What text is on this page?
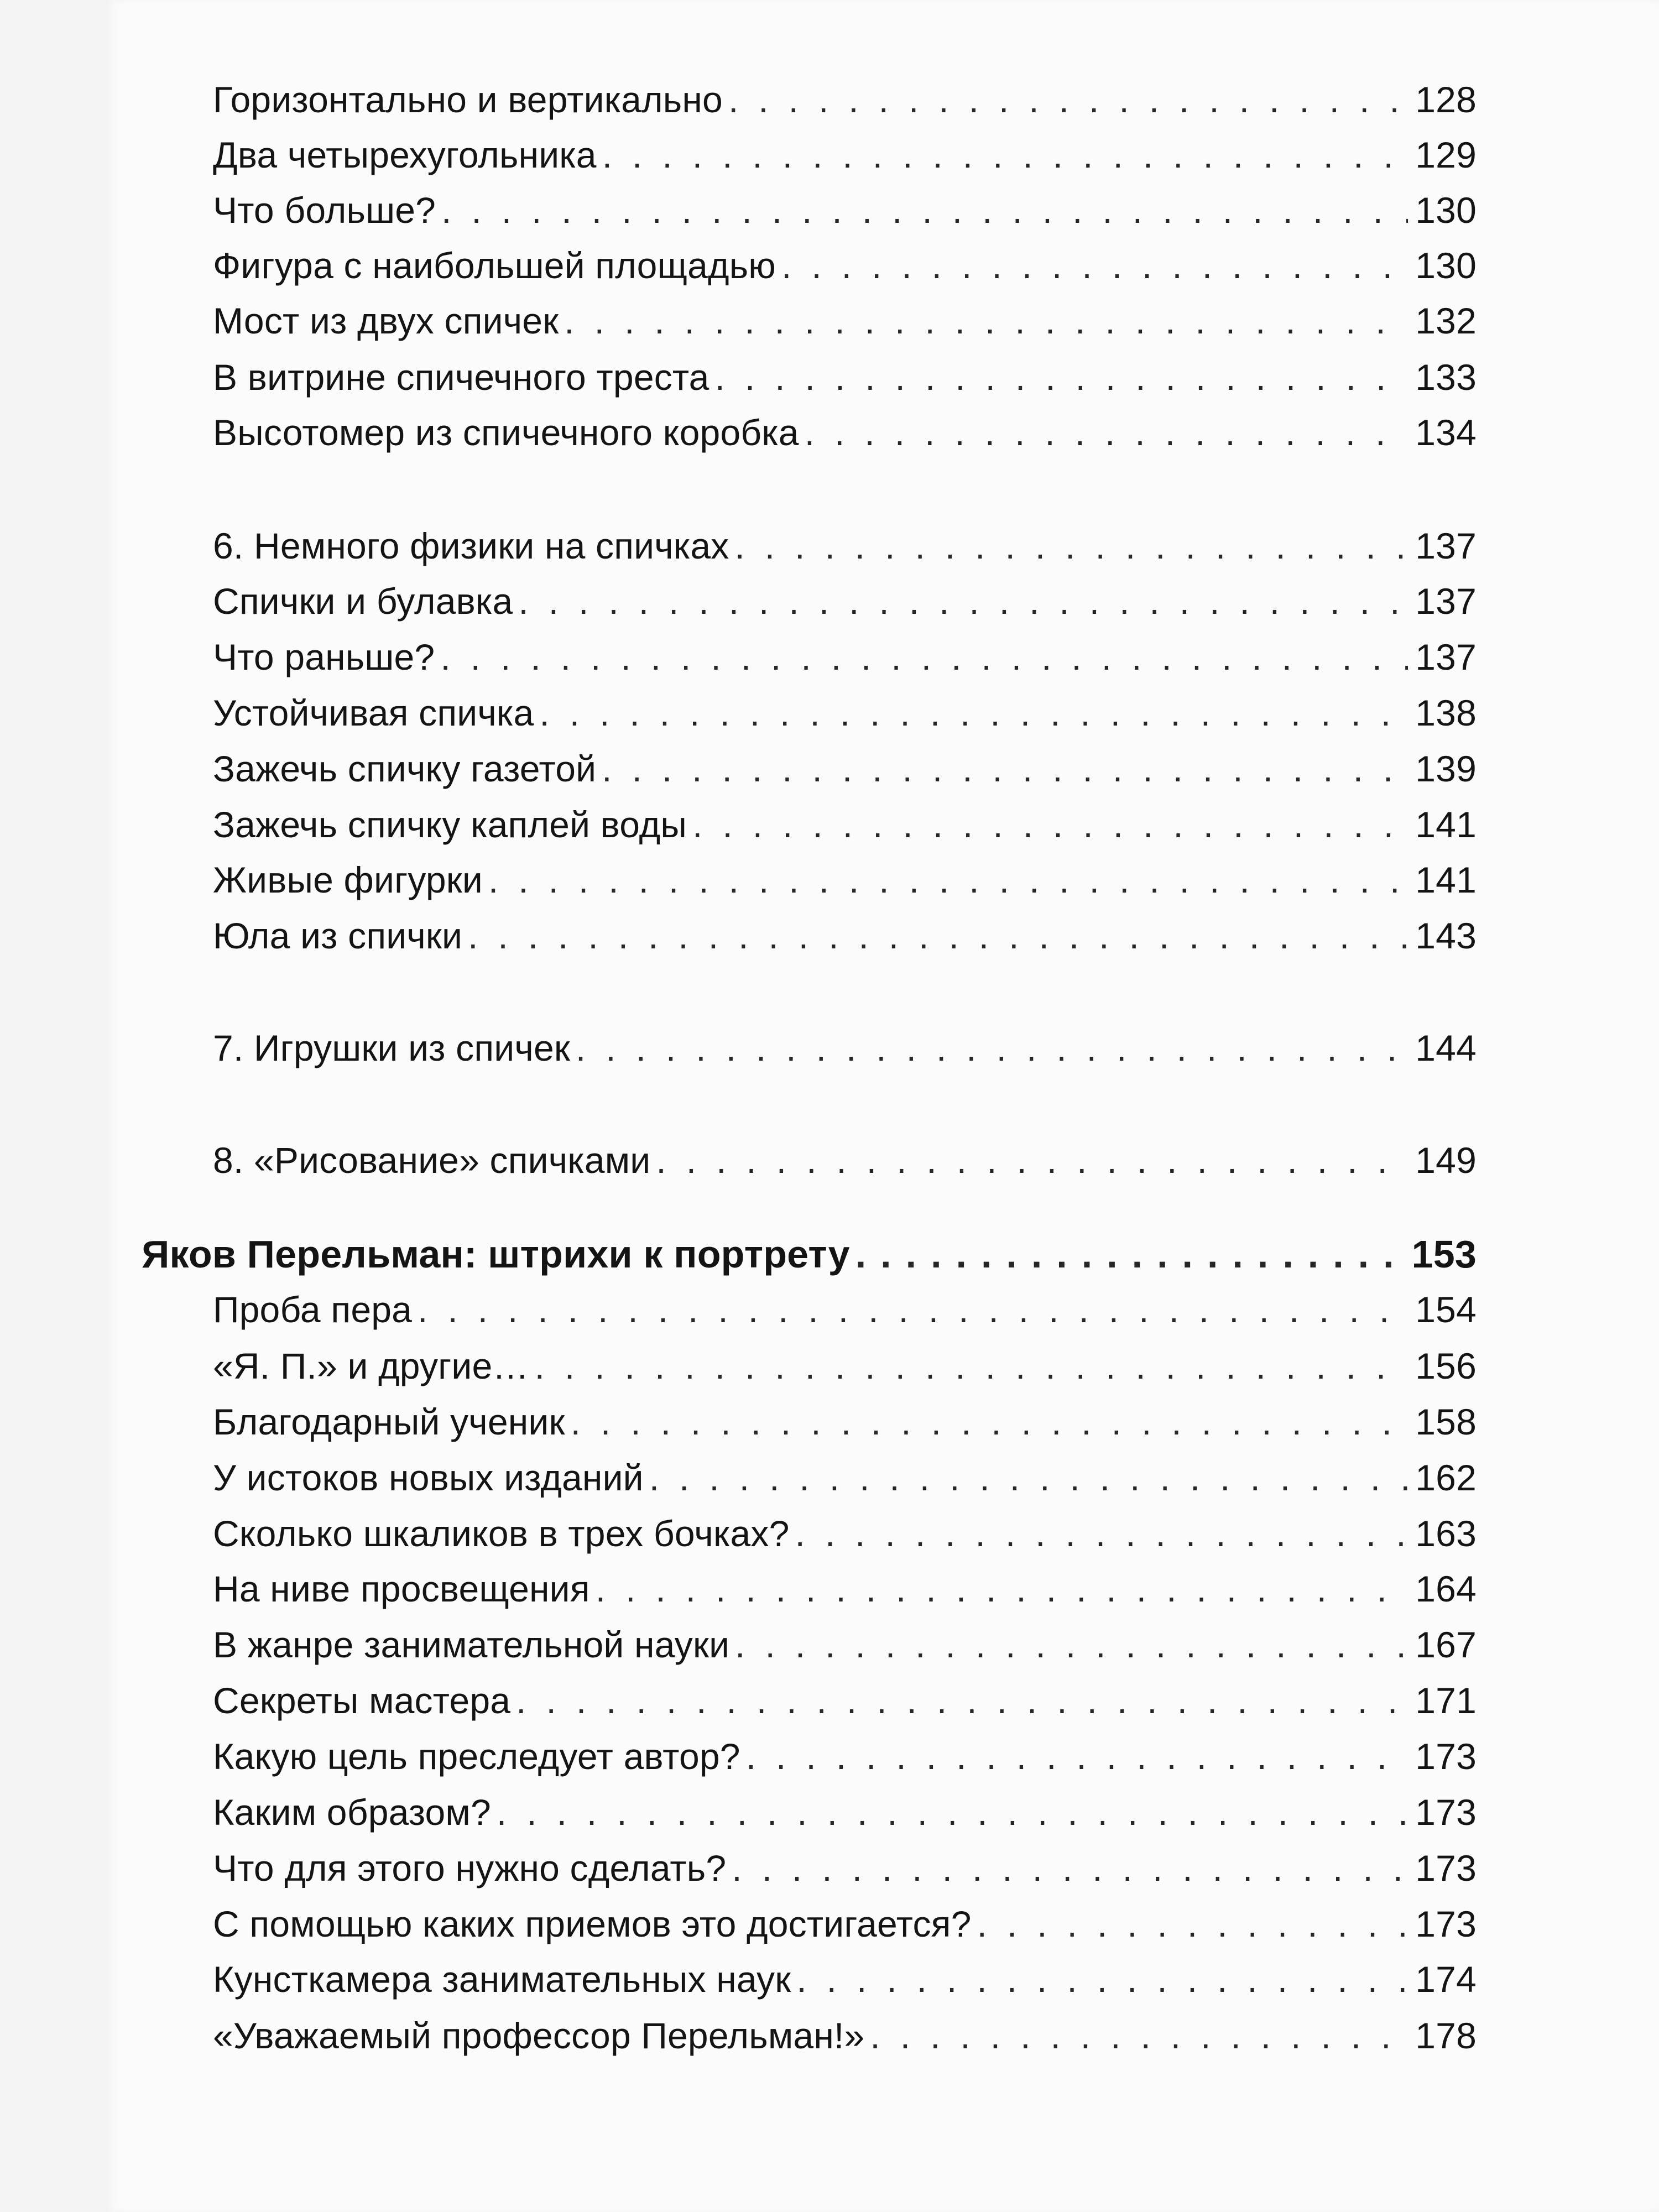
Горизонтально и вертикально .....	128
Два четырехугольника .....	129
Что больше? .....	130
Фигура с наибольшей площадью .....	130
Мост из двух спичек .....	132
В витрине спичечного треста .....	133
Высотомер из спичечного коробка .....	134
6. Немного физики на спичках .....	137
Спички и булавка .....	137
Что раньше? .....	137
Устойчивая спичка .....	138
Зажечь спичку газетой .....	139
Зажечь спичку каплей воды .....	141
Живые фигурки .....	141
Юла из спички .....	143
7. Игрушки из спичек .....	144
8. «Рисование» спичками .....	149
Яков Перельман: штрихи к портрету .....	153
Проба пера .....	154
«Я. П.» и другие… .....	156
Благодарный ученик .....	158
У истоков новых изданий .....	162
Сколько шкаликов в трех бочках? .....	163
На ниве просвещения .....	164
В жанре занимательной науки .....	167
Секреты мастера .....	171
Какую цель преследует автор? .....	173
Каким образом? .....	173
Что для этого нужно сделать? .....	173
С помощью каких приемов это достигается? .....	173
Кунсткамера занимательных наук .....	174
«Уважаемый профессор Перельман!» .....	178
